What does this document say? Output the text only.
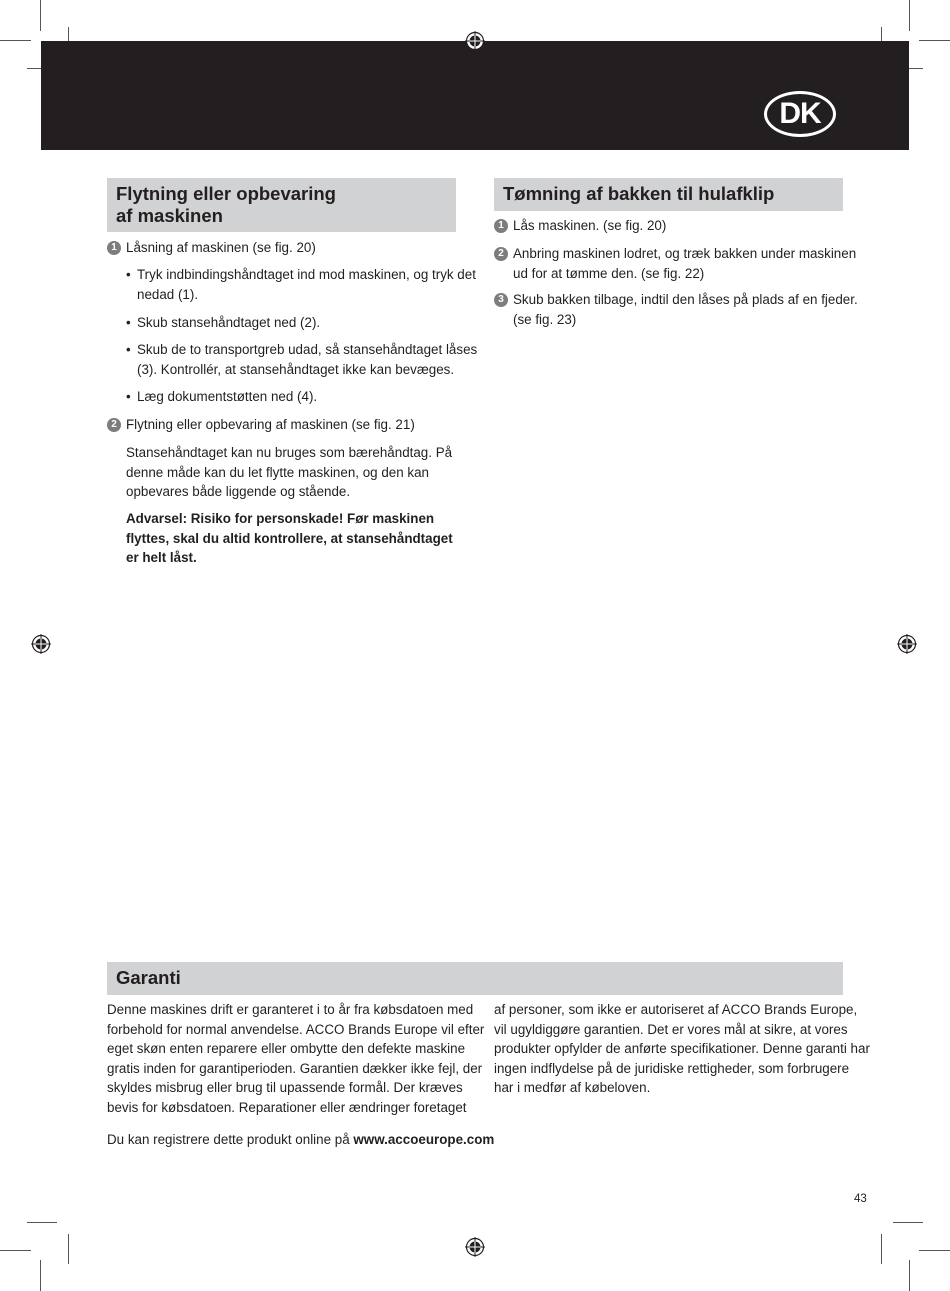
DK
Flytning eller opbevaring
af maskinen
1 Låsning af maskinen (se fig. 20)
• Tryk indbindingshåndtaget ind mod maskinen, og tryk det
nedad (1).
• Skub stansehåndtaget ned (2).
• Skub de to transportgreb udad, så stansehåndtaget låses
(3). Kontrollér, at stansehåndtaget ikke kan bevæges.
• Læg dokumentstøtten ned (4).
2 Flytning eller opbevaring af maskinen (se fig. 21)
Stansehåndtaget kan nu bruges som bærehåndtag. På
denne måde kan du let flytte maskinen, og den kan
opbevares både liggende og stående.
Advarsel: Risiko for personskade! Før maskinen
flyttes, skal du altid kontrollere, at stansehåndtaget
er helt låst.
Tømning af bakken til hulafklip
1 Lås maskinen. (se fig. 20)
2 Anbring maskinen lodret, og træk bakken under maskinen
ud for at tømme den. (se fig. 22)
3 Skub bakken tilbage, indtil den låses på plads af en fjeder.
(se fig. 23)
Garanti
Denne maskines drift er garanteret i to år fra købsdatoen med
forbehold for normal anvendelse. ACCO Brands Europe vil efter
eget skøn enten reparere eller ombytte den defekte maskine
gratis inden for garantiperioden. Garantien dækker ikke fejl, der
skyldes misbrug eller brug til upassende formål. Der kræves
bevis for købsdatoen. Reparationer eller ændringer foretaget
af personer, som ikke er autoriseret af ACCO Brands Europe,
vil ugyldiggøre garantien. Det er vores mål at sikre, at vores
produkter opfylder de anførte specifikationer. Denne garanti har
ingen indflydelse på de juridiske rettigheder, som forbrugere
har i medfør af købeloven.
Du kan registrere dette produkt online på www.accoeurope.com
43
